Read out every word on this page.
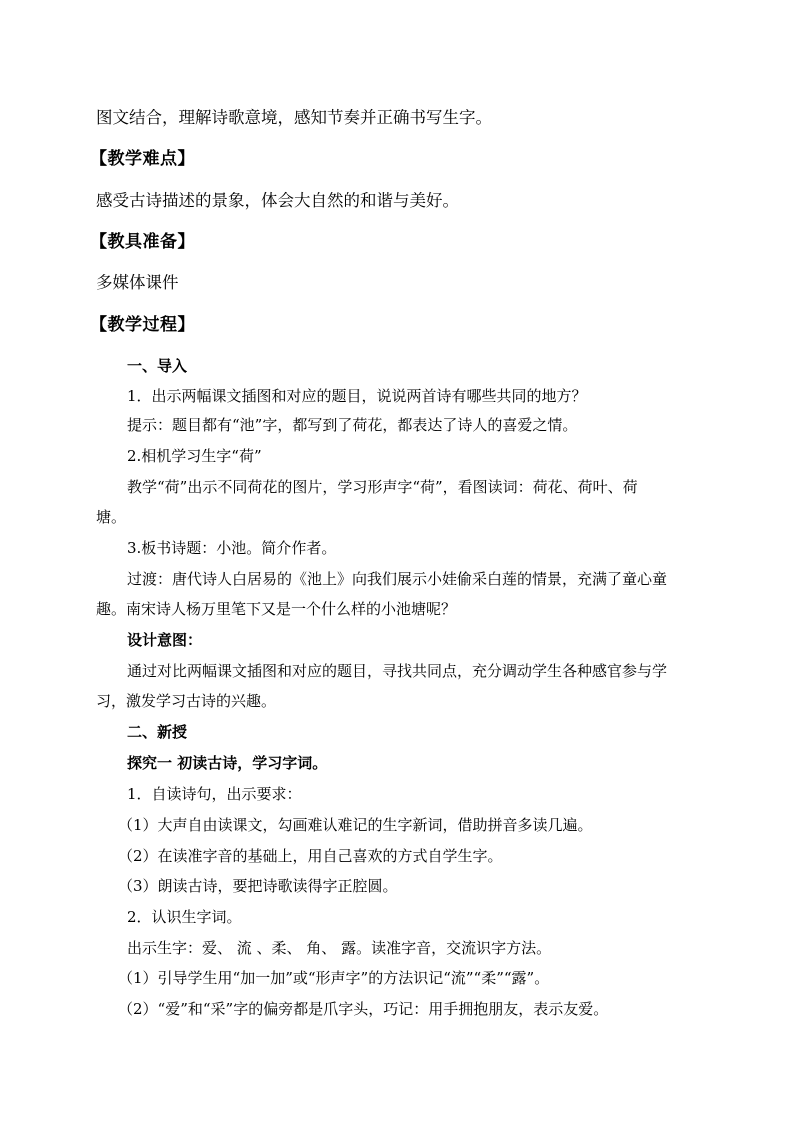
图文结合，理解诗歌意境，感知节奏并正确书写生字。
【教学难点】
感受古诗描述的景象，体会大自然的和谐与美好。
【教具准备】
多媒体课件
【教学过程】
一、导入
1．出示两幅课文插图和对应的题目，说说两首诗有哪些共同的地方？
提示：题目都有“池”字，都写到了荷花，都表达了诗人的喜爱之情。
2.相机学习生字“荷”
教学“荷”出示不同荷花的图片，学习形声字“荷”，看图读词：荷花、荷叶、荷
塘。
3.板书诗题：小池。简介作者。
过渡：唐代诗人白居易的《池上》向我们展示小娃偷采白莲的情景，充满了童心童
趣。南宋诗人杨万里笔下又是一个什么样的小池塘呢？
设计意图：
通过对比两幅课文插图和对应的题目，寻找共同点，充分调动学生各种感官参与学
习，激发学习古诗的兴趣。
二、新授
探究一 初读古诗，学习字词。
1．自读诗句，出示要求：
（1）大声自由读课文，勾画难认难记的生字新词，借助拼音多读几遍。
（2）在读准字音的基础上，用自己喜欢的方式自学生字。
（3）朗读古诗，要把诗歌读得字正腔圆。
2．认识生字词。
出示生字：爱、 流 、柔、 角、 露。读准字音，交流识字方法。
（1）引导学生用“加一加”或“形声字”的方法识记“流”“柔”“露”。
（2）“爱”和“采”字的偏旁都是爪字头，巧记：用手拥抱朋友，表示友爱。
